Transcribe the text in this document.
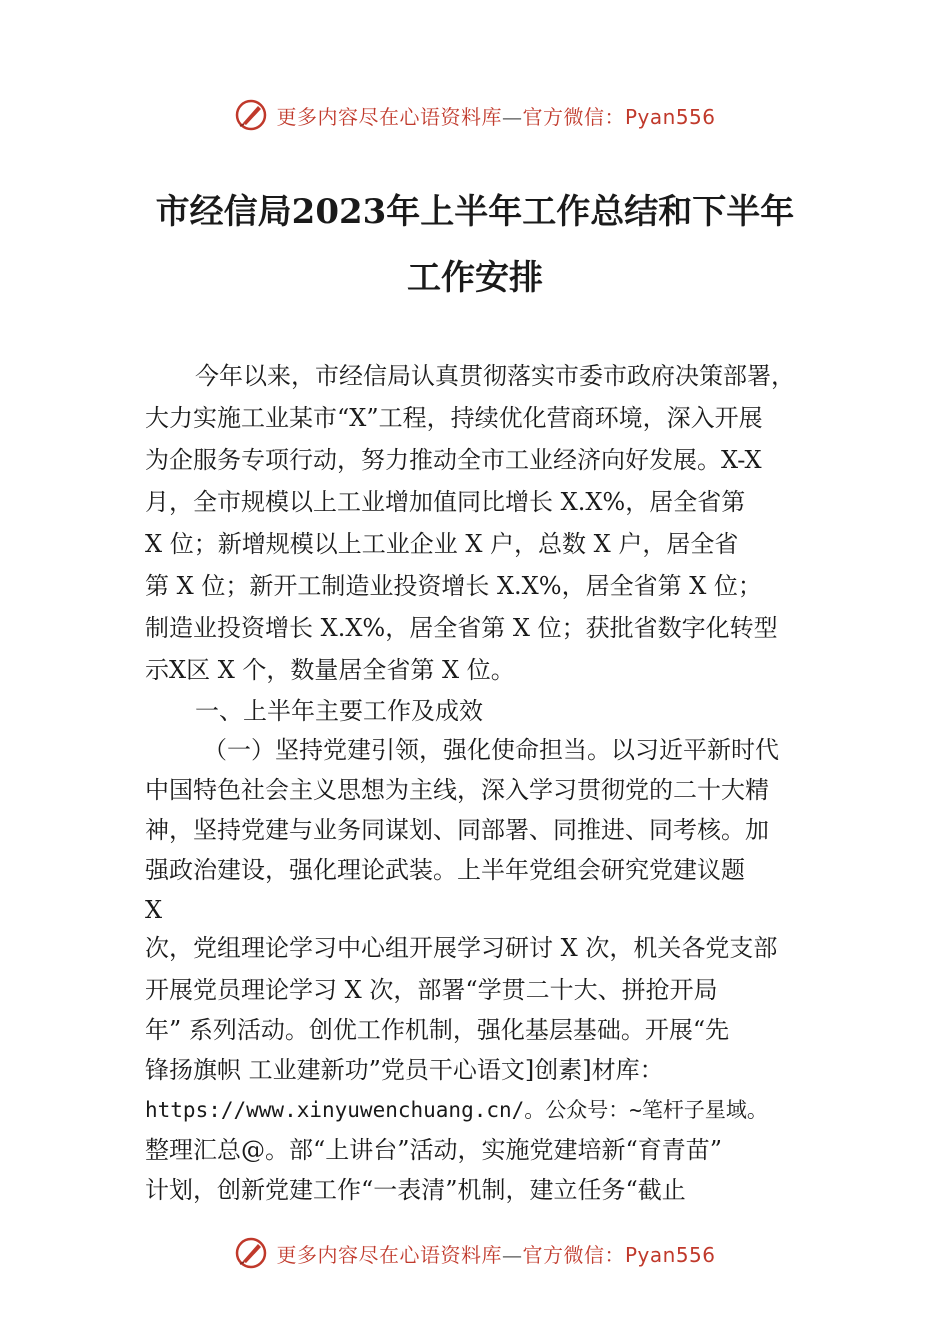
更多内容尽在心语资料库—官方微信：Pyan556
市经信局2023年上半年工作总结和下半年
工作安排
今年以来，市经信局认真贯彻落实市委市政府决策部署，
大力实施工业某市“X”工程，持续优化营商环境，深入开展
为企服务专项行动，努力推动全市工业经济向好发展。X-X
月，全市规模以上工业增加值同比增长 X.X%，居全省第
X 位；新增规模以上工业企业 X 户，总数 X 户，居全省
第 X 位；新开工制造业投资增长 X.X%，居全省第 X 位；
制造业投资增长 X.X%，居全省第 X 位；获批省数字化转型
示X区 X 个，数量居全省第 X 位。
一、上半年主要工作及成效
（一）坚持党建引领，强化使命担当。以习近平新时代
中国特色社会主义思想为主线，深入学习贯彻党的二十大精
神，坚持党建与业务同谋划、同部署、同推进、同考核。加
强政治建设，强化理论武装。上半年党组会研究党建议题
X
次，党组理论学习中心组开展学习研讨 X 次，机关各党支部
开展党员理论学习 X 次，部署“学贯二十大、拼抢开局
年” 系列活动。创优工作机制，强化基层基础。开展“先
锋扬旗帜 工业建新功”党员干心语文]创素]材库：
https://www.xinyuwenchuang.cn/。公众号：~笔杆子星域。
整理汇总@。部“上讲台”活动，实施党建培新“育青苗”
计划，创新党建工作“一表清”机制，建立任务“截止
更多内容尽在心语资料库—官方微信：Pyan556
